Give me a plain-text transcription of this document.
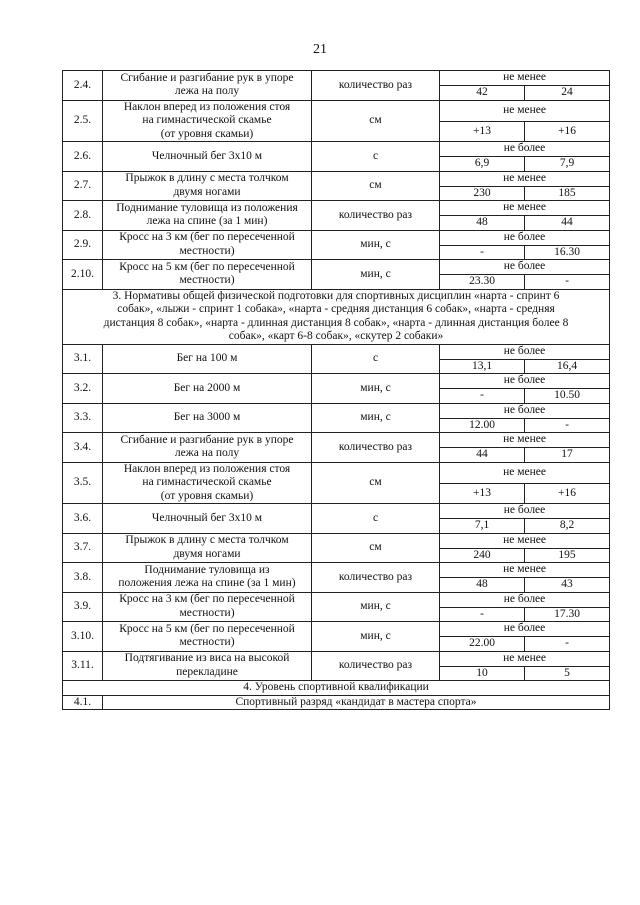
21
2.4.	Сгибание и разгибание рук в упоре
лежа на полу	количество раз	не менее	
			42	24
2.5.	Наклон вперед из положения стоя
на гимнастической скамье
(от уровня скамьи)	см	не менее	
			+13	+16
2.6.	Челночный бег 3x10 м	с	не более	
			6,9	7,9
2.7.	Прыжок в длину с места толчком
двумя ногами	см	не менее	
			230	185
2.8.	Поднимание туловища из положения
лежа на спине (за 1 мин)	количество раз	не менее	
			48	44
2.9.	Кросс на 3 км (бег по пересеченной
местности)	мин, с	не более	
			-	16.30
2.10.	Кросс на 5 км (бег по пересеченной
местности)	мин, с	не более	
			23.30	-
3. Нормативы общей физической подготовки для спортивных дисциплин «нарта - спринт 6
собак», «лыжи - спринт 1 собака», «нарта - средняя дистанция 6 собак», «нарта - средняя
дистанция 8 собак», «нарта - длинная дистанция 8 собак», «нарта - длинная дистанция более 8
собак», «карт 6-8 собак», «скутер 2 собаки»				
3.1.	Бег на 100 м	с	не более	
			13,1	16,4
3.2.	Бег на 2000 м	мин, с	не более	
			-	10.50
3.3.	Бег на 3000 м	мин, с	не более	
			12.00	-
3.4.	Сгибание и разгибание рук в упоре
лежа на полу	количество раз	не менее	
			44	17
3.5.	Наклон вперед из положения стоя
на гимнастической скамье
(от уровня скамьи)	см	не менее	
			+13	+16
3.6.	Челночный бег 3x10 м	с	не более	
			7,1	8,2
3.7.	Прыжок в длину с места толчком
двумя ногами	см	не менее	
			240	195
3.8.	Поднимание туловища из
положения лежа на спине (за 1 мин)	количество раз	не менее	
			48	43
3.9.	Кросс на 3 км (бег по пересеченной
местности)	мин, с	не более	
			-	17.30
3.10.	Кросс на 5 км (бег по пересеченной
местности)	мин, с	не более	
			22.00	-
3.11.	Подтягивание из виса на высокой
перекладине	количество раз	не менее	
			10	5
4. Уровень спортивной квалификации				
4.1.	Спортивный разряд «кандидат в мастера спорта»			
